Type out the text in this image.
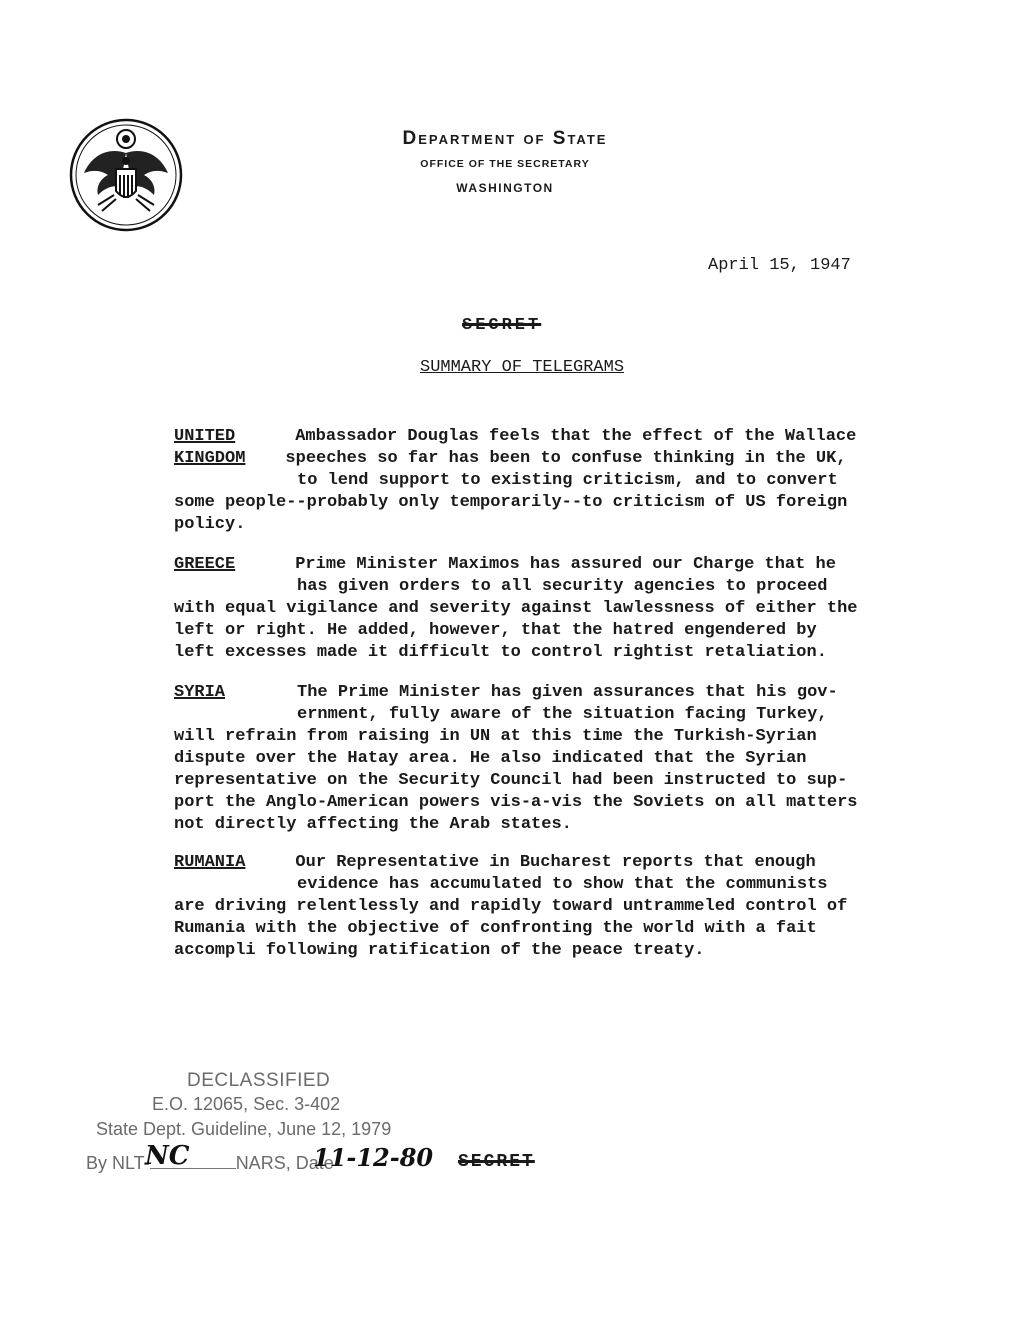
Department of State
OFFICE OF THE SECRETARY
WASHINGTON
April 15, 1947
SECRET
SUMMARY OF TELEGRAMS
UNITED	Ambassador Douglas feels that the effect of the Wallace
KINGDOM speeches so far has been to confuse thinking in the UK,
to lend support to existing criticism, and to convert
some people--probably only temporarily--to criticism of US foreign
policy.
GREECE	Prime Minister Maximos has assured our Charge that he
has given orders to all security agencies to proceed
with equal vigilance and severity against lawlessness of either the
left or right. He added, however, that the hatred engendered by
left excesses made it difficult to control rightist retaliation.
SYRIA	The Prime Minister has given assurances that his gov-
ernment, fully aware of the situation facing Turkey,
will refrain from raising in UN at this time the Turkish-Syrian
dispute over the Hatay area. He also indicated that the Syrian
representative on the Security Council had been instructed to sup-
port the Anglo-American powers vis-a-vis the Soviets on all matters
not directly affecting the Arab states.
RUMANIA	Our Representative in Bucharest reports that enough
evidence has accumulated to show that the communists
are driving relentlessly and rapidly toward untrammeled control of
Rumania with the objective of confronting the world with a fait
accompli following ratification of the peace treaty.
DECLASSIFIED
E.O. 12065, Sec. 3-402
State Dept. Guideline, June 12, 1979
By NLT-	NARS, Date
NC	11-12-80 SECRET
